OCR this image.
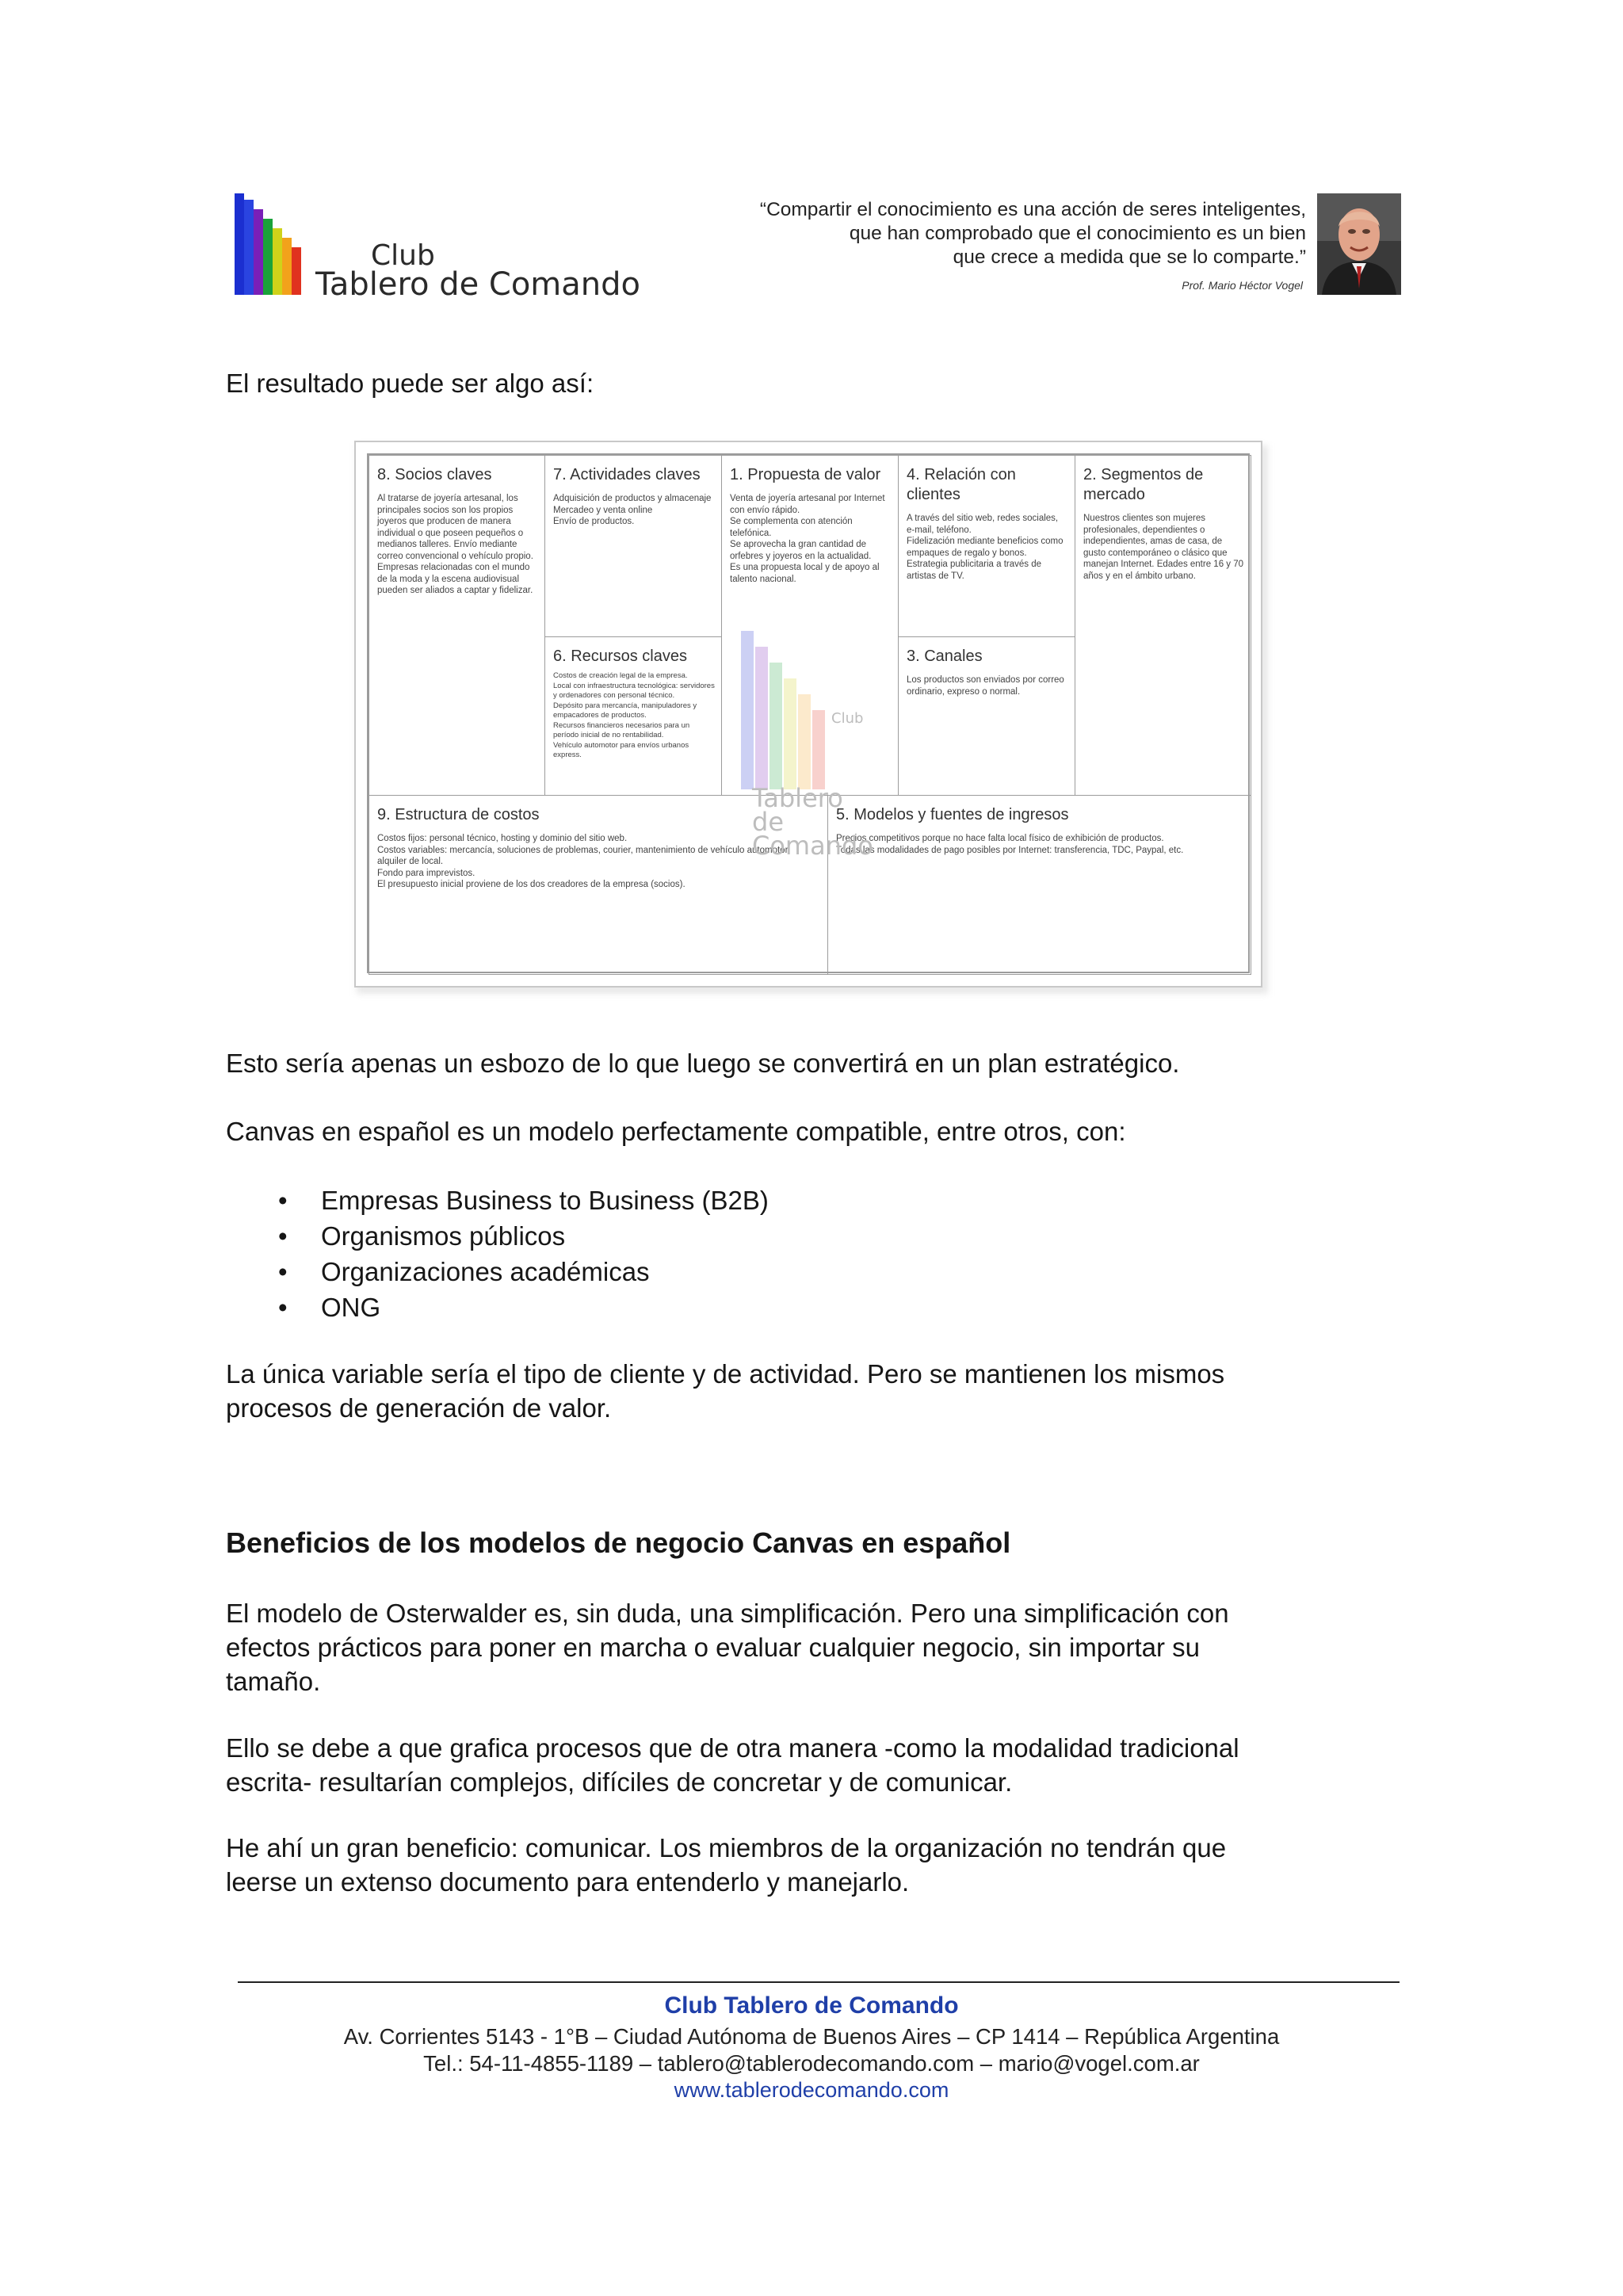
Club
Tablero de Comando
“Compartir el conocimiento es una acción de seres inteligentes,
que han comprobado que el conocimiento es un bien
que crece a medida que se lo comparte.”
Prof. Mario Héctor Vogel
El resultado puede ser algo así:
8. Socios claves
Al tratarse de joyería artesanal, los principales socios son los propios joyeros que producen de manera individual o que poseen pequeños o medianos talleres. Envío mediante correo convencional o vehículo propio. Empresas relacionadas con el mundo de la moda y la escena audiovisual pueden ser aliados a captar y fidelizar.
7. Actividades claves
Adquisición de productos y almacenaje
Mercadeo y venta online
Envío de productos.
6. Recursos claves
Costos de creación legal de la empresa.
Local con infraestructura tecnológica: servidores y ordenadores con personal técnico.
Depósito para mercancía, manipuladores y empacadores de productos.
Recursos financieros necesarios para un período inicial de no rentabilidad.
Vehículo automotor para envíos urbanos express.
1. Propuesta de valor
Venta de joyería artesanal por Internet con envío rápido.
Se complementa con atención telefónica.
Se aprovecha la gran cantidad de orfebres y joyeros en la actualidad.
Es una propuesta local y de apoyo al talento nacional.
4. Relación con clientes
A través del sitio web, redes sociales, e-mail, teléfono.
Fidelización mediante beneficios como empaques de regalo y bonos.
Estrategia publicitaria a través de artistas de TV.
3. Canales
Los productos son enviados por correo ordinario, expreso o normal.
2. Segmentos de mercado
Nuestros clientes son mujeres profesionales, dependientes o independientes, amas de casa, de gusto contemporáneo o clásico que manejan Internet. Edades entre 16 y 70 años y en el ámbito urbano.
9. Estructura de costos
Costos fijos: personal técnico, hosting y dominio del sitio web.
Costos variables: mercancía, soluciones de problemas, courier, mantenimiento de vehículo automotor, alquiler de local.
Fondo para imprevistos.
El presupuesto inicial proviene de los dos creadores de la empresa (socios).
5. Modelos y fuentes de ingresos
Precios competitivos porque no hace falta local físico de exhibición de productos.
Todas las modalidades de pago posibles por Internet: transferencia, TDC, Paypal, etc.
Club
Tablero de Comando
Esto sería apenas un esbozo de lo que luego se convertirá en un plan estratégico.
Canvas en español es un modelo perfectamente compatible, entre otros, con:
• Empresas Business to Business (B2B)
• Organismos públicos
• Organizaciones académicas
• ONG
La única variable sería el tipo de cliente y de actividad. Pero se mantienen los mismos
procesos de generación de valor.
Beneficios de los modelos de negocio Canvas en español
El modelo de Osterwalder es, sin duda, una simplificación. Pero una simplificación con
efectos prácticos para poner en marcha o evaluar cualquier negocio, sin importar su
tamaño.
Ello se debe a que grafica procesos que de otra manera -como la modalidad tradicional
escrita- resultarían complejos, difíciles de concretar y de comunicar.
He ahí un gran beneficio: comunicar. Los miembros de la organización no tendrán que
leerse un extenso documento para entenderlo y manejarlo.
Club Tablero de Comando
Av. Corrientes 5143 - 1°B – Ciudad Autónoma de Buenos Aires – CP 1414 – República Argentina
Tel.: 54-11-4855-1189 – tablero@tablerodecomando.com – mario@vogel.com.ar
www.tablerodecomando.com
